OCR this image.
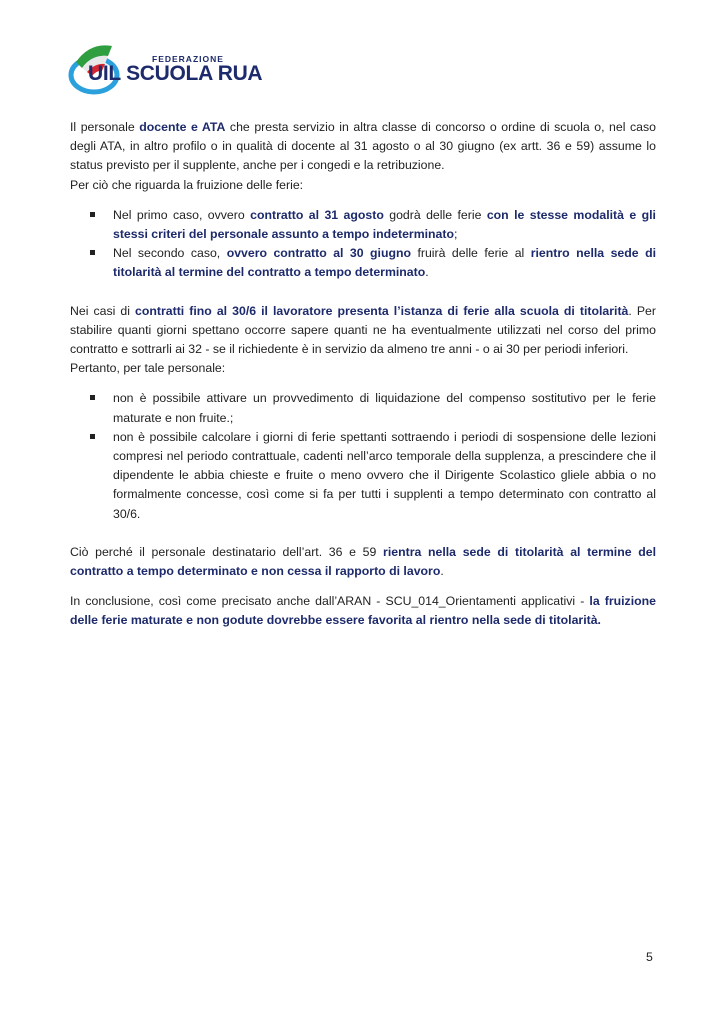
FEDERAZIONE
UIL SCUOLA RUA

Il personale docente e ATA che presta servizio in altra classe di concorso o ordine di scuola o, nel caso degli ATA, in altro profilo o in qualità di docente al 31 agosto o al 30 giugno (ex artt. 36 e 59) assume lo status previsto per il supplente, anche per i congedi e la retribuzione.

Per ciò che riguarda la fruizione delle ferie:

Nel primo caso, ovvero contratto al 31 agosto godrà delle ferie con le stesse modalità e gli stessi criteri del personale assunto a tempo indeterminato;
Nel secondo caso, ovvero contratto al 30 giugno fruirà delle ferie al rientro nella sede di titolarità al termine del contratto a tempo determinato.

Nei casi di contratti fino al 30/6 il lavoratore presenta l’istanza di ferie alla scuola di titolarità. Per stabilire quanti giorni spettano occorre sapere quanti ne ha eventualmente utilizzati nel corso del primo contratto e sottrarli ai 32 - se il richiedente è in servizio da almeno tre anni - o ai 30 per periodi inferiori.

Pertanto, per tale personale:

non è possibile attivare un provvedimento di liquidazione del compenso sostitutivo per le ferie maturate e non fruite.;
non è possibile calcolare i giorni di ferie spettanti sottraendo i periodi di sospensione delle lezioni compresi nel periodo contrattuale, cadenti nell’arco temporale della supplenza, a prescindere che il dipendente le abbia chieste e fruite o meno ovvero che il Dirigente Scolastico gliele abbia o no formalmente concesse, così come si fa per tutti i supplenti a tempo determinato con contratto al 30/6.

Ciò perché il personale destinatario dell’art. 36 e 59 rientra nella sede di titolarità al termine del contratto a tempo determinato e non cessa il rapporto di lavoro.

In conclusione, così come precisato anche dall’ARAN - SCU_014_Orientamenti applicativi - la fruizione delle ferie maturate e non godute dovrebbe essere favorita al rientro nella sede di titolarità.

5
